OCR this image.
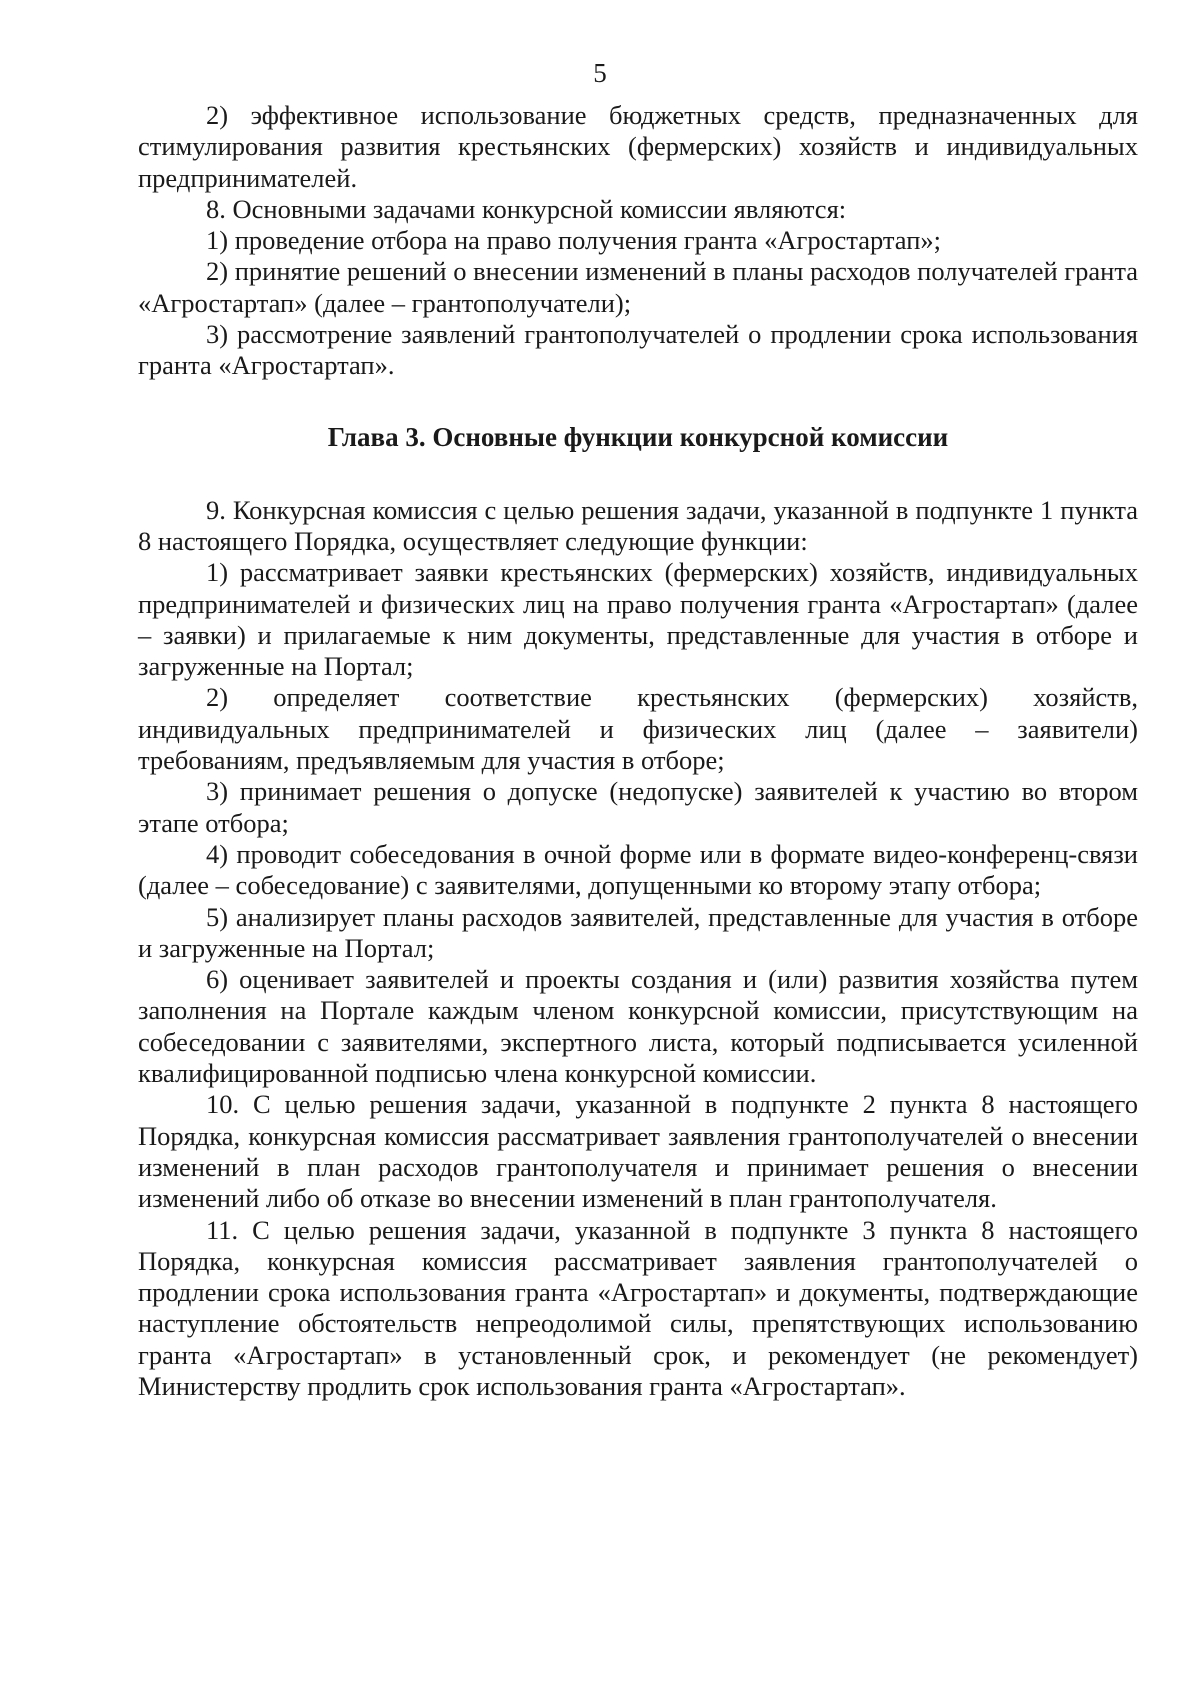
5

2) эффективное использование бюджетных средств, предназначенных для стимулирования развития крестьянских (фермерских) хозяйств и индивидуальных предпринимателей.

8. Основными задачами конкурсной комиссии являются:

1) проведение отбора на право получения гранта «Агростартап»;

2) принятие решений о внесении изменений в планы расходов получателей гранта «Агростартап» (далее – грантополучатели);

3) рассмотрение заявлений грантополучателей о продлении срока использования гранта «Агростартап».

Глава 3. Основные функции конкурсной комиссии

9. Конкурсная комиссия с целью решения задачи, указанной в подпункте 1 пункта 8 настоящего Порядка, осуществляет следующие функции:

1) рассматривает заявки крестьянских (фермерских) хозяйств, индивидуальных предпринимателей и физических лиц на право получения гранта «Агростартап» (далее – заявки) и прилагаемые к ним документы, представленные для участия в отборе и загруженные на Портал;

2) определяет соответствие крестьянских (фермерских) хозяйств, индивидуальных предпринимателей и физических лиц (далее – заявители) требованиям, предъявляемым для участия в отборе;

3) принимает решения о допуске (недопуске) заявителей к участию во втором этапе отбора;

4) проводит собеседования в очной форме или в формате видео-конференц-связи (далее – собеседование) с заявителями, допущенными ко второму этапу отбора;

5) анализирует планы расходов заявителей, представленные для участия в отборе и загруженные на Портал;

6) оценивает заявителей и проекты создания и (или) развития хозяйства путем заполнения на Портале каждым членом конкурсной комиссии, присутствующим на собеседовании с заявителями, экспертного листа, который подписывается усиленной квалифицированной подписью члена конкурсной комиссии.

10. С целью решения задачи, указанной в подпункте 2 пункта 8 настоящего Порядка, конкурсная комиссия рассматривает заявления грантополучателей о внесении изменений в план расходов грантополучателя и принимает решения о внесении изменений либо об отказе во внесении изменений в план грантополучателя.

11. С целью решения задачи, указанной в подпункте 3 пункта 8 настоящего Порядка, конкурсная комиссия рассматривает заявления грантополучателей о продлении срока использования гранта «Агростартап» и документы, подтверждающие наступление обстоятельств непреодолимой силы, препятствующих использованию гранта «Агростартап» в установленный срок, и рекомендует (не рекомендует) Министерству продлить срок использования гранта «Агростартап».
